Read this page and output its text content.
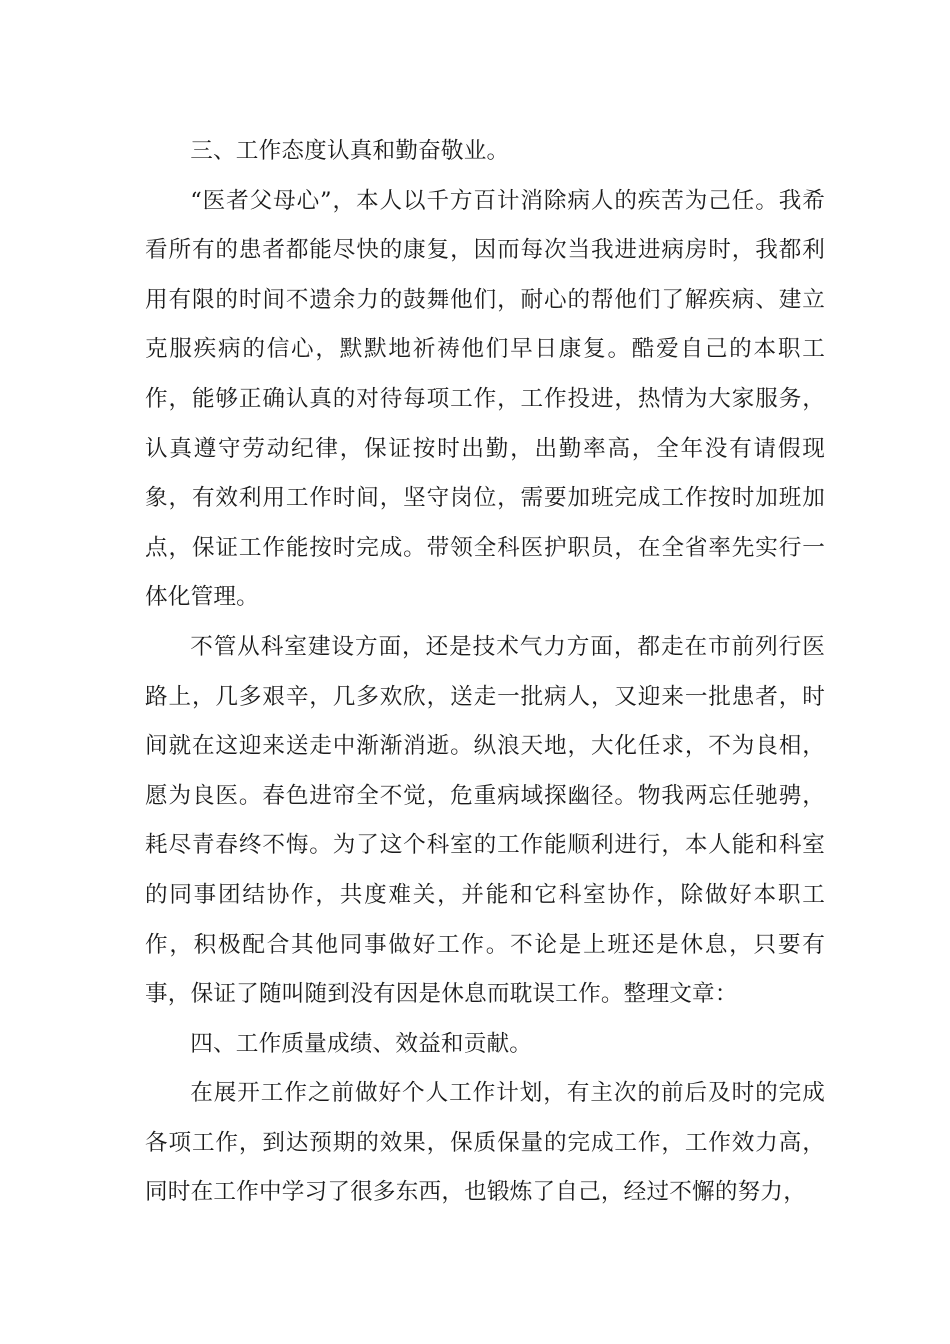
三、工作态度认真和勤奋敬业。

“医者父母心”，本人以千方百计消除病人的疾苦为己任。我希看所有的患者都能尽快的康复，因而每次当我进进病房时，我都利用有限的时间不遗余力的鼓舞他们，耐心的帮他们了解疾病、建立克服疾病的信心，默默地祈祷他们早日康复。酷爱自己的本职工作，能够正确认真的对待每项工作，工作投进，热情为大家服务，认真遵守劳动纪律，保证按时出勤，出勤率高，全年没有请假现象，有效利用工作时间，坚守岗位，需要加班完成工作按时加班加点，保证工作能按时完成。带领全科医护职员，在全省率先实行一体化管理。

不管从科室建设方面，还是技术气力方面，都走在市前列行医路上，几多艰辛，几多欢欣，送走一批病人，又迎来一批患者，时间就在这迎来送走中渐渐消逝。纵浪天地，大化任求，不为良相，愿为良医。春色进帘全不觉，危重病域探幽径。物我两忘任驰骋，耗尽青春终不悔。为了这个科室的工作能顺利进行，本人能和科室的同事团结协作，共度难关，并能和它科室协作，除做好本职工作，积极配合其他同事做好工作。不论是上班还是休息，只要有事，保证了随叫随到没有因是休息而耽误工作。整理文章：

四、工作质量成绩、效益和贡献。

在展开工作之前做好个人工作计划，有主次的前后及时的完成各项工作，到达预期的效果，保质保量的完成工作，工作效力高，同时在工作中学习了很多东西，也锻炼了自己，经过不懈的努力，
